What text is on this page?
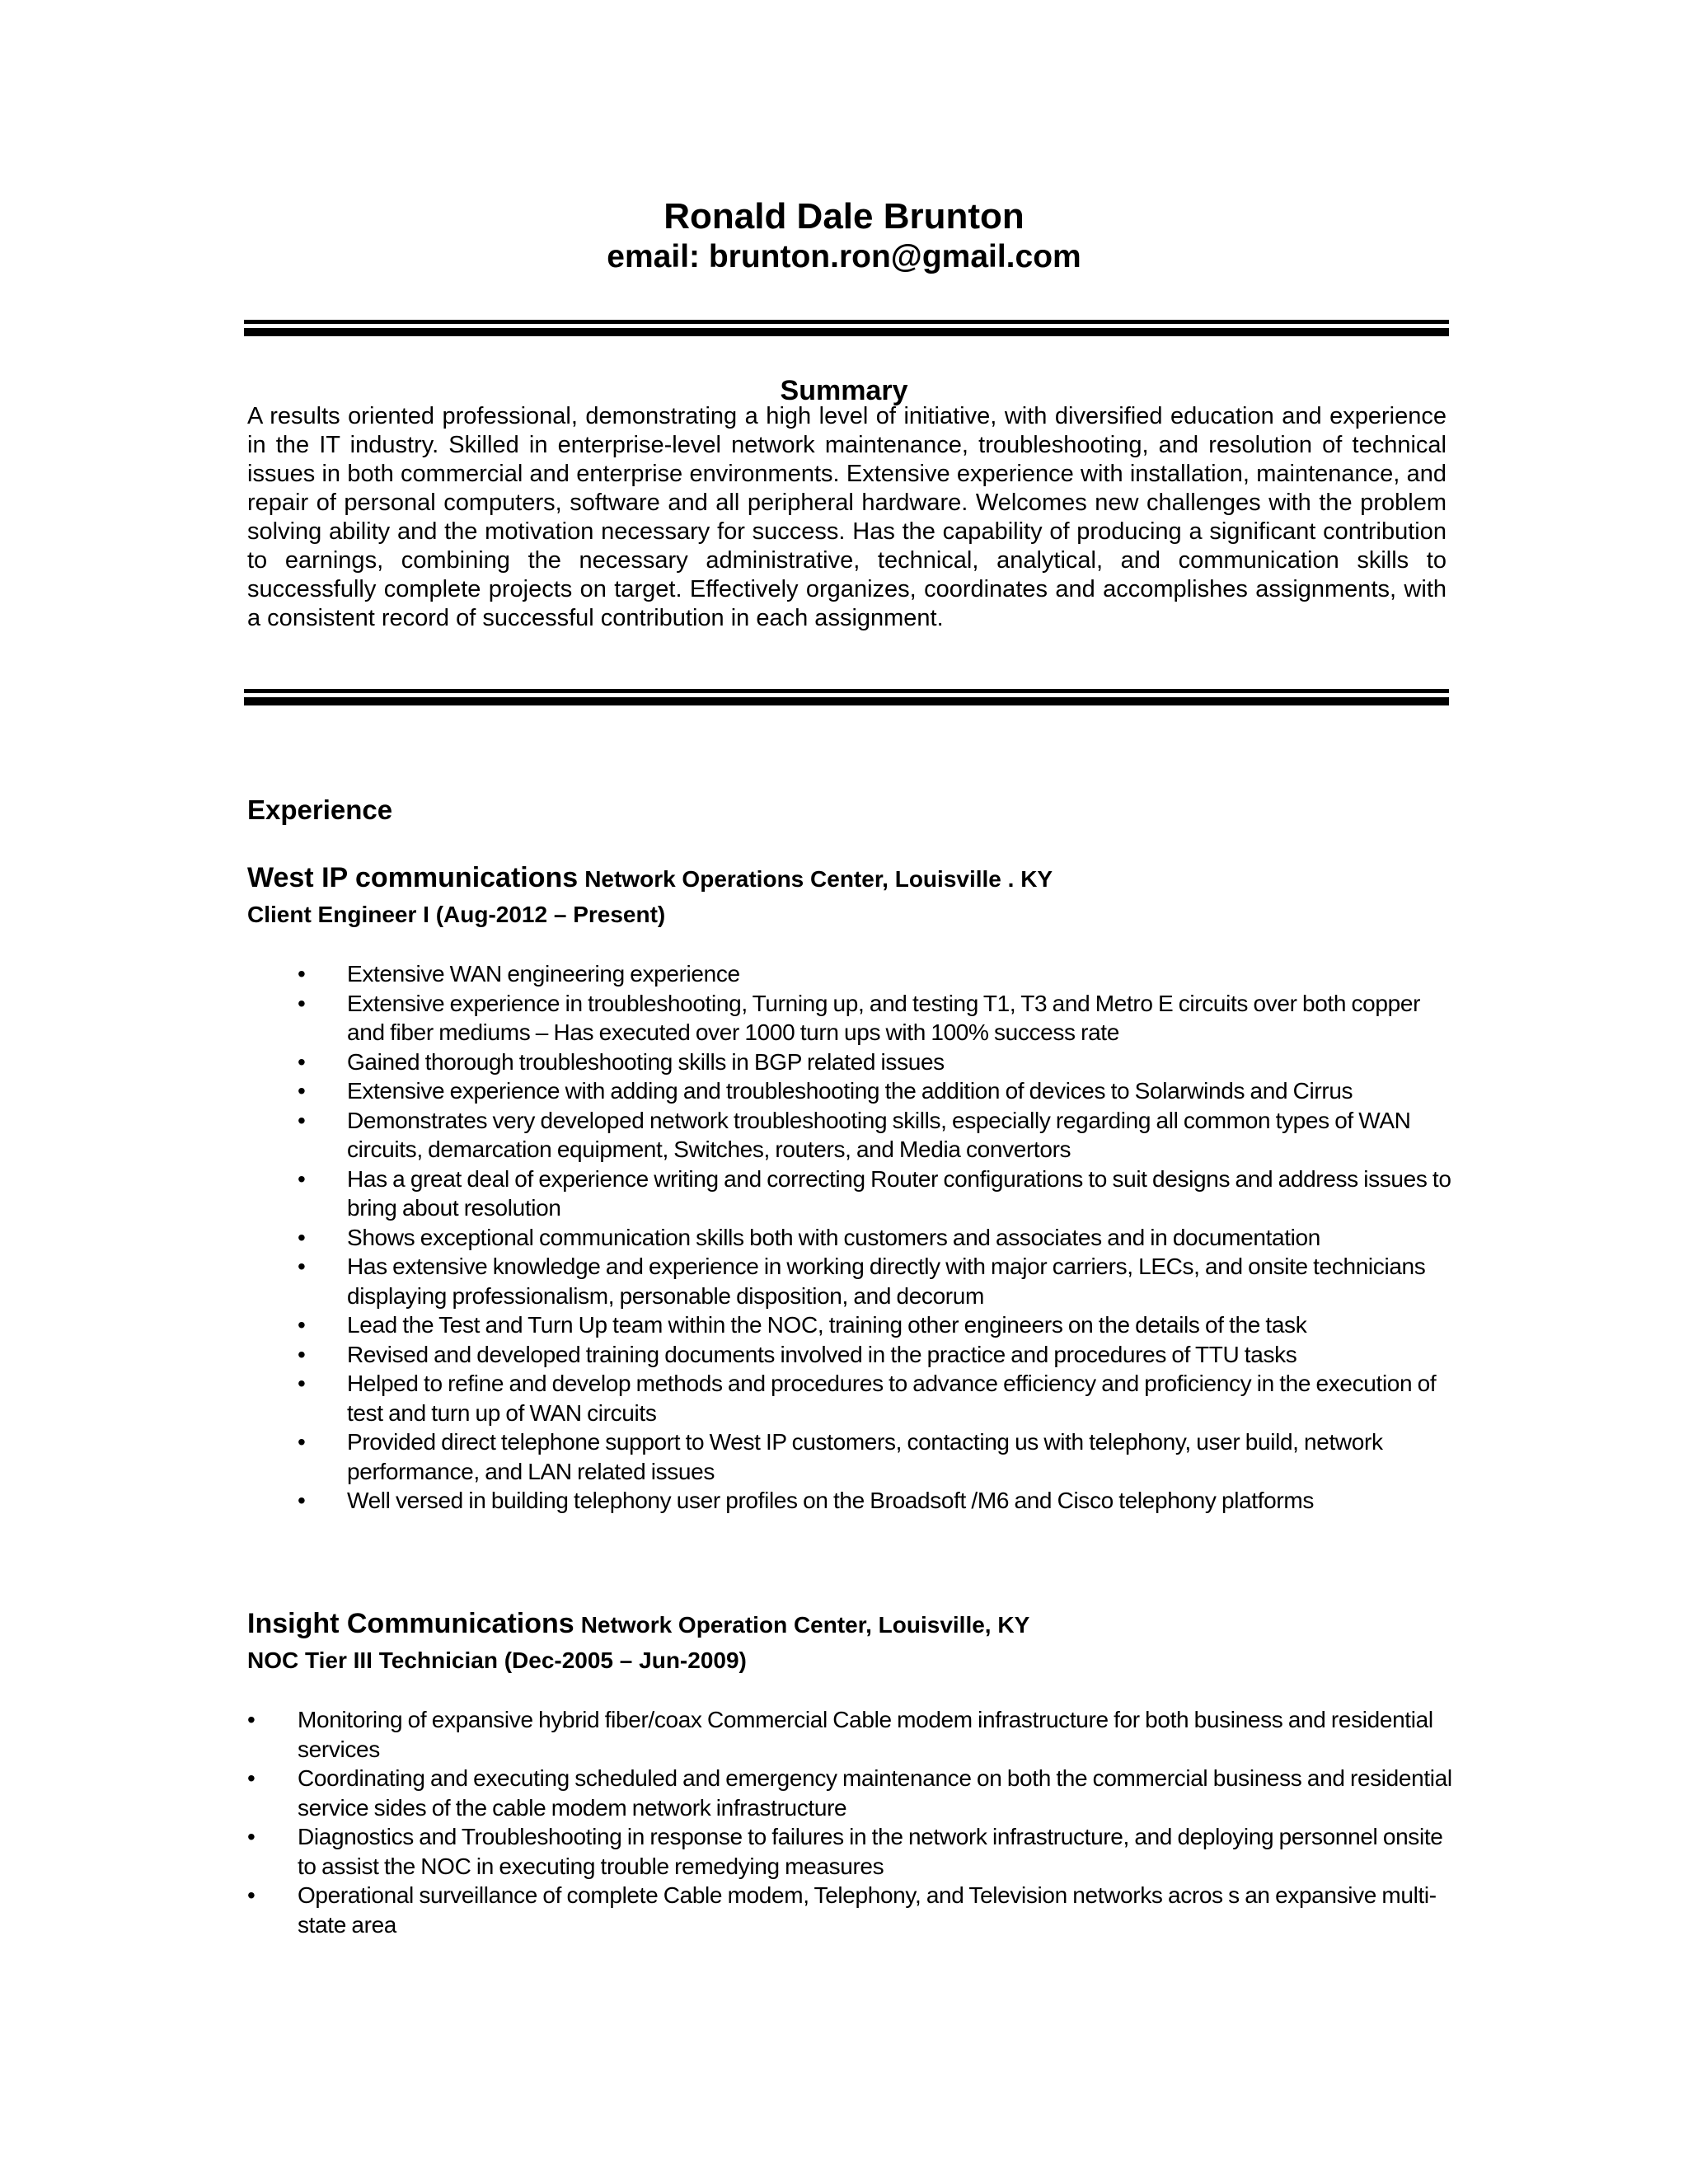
Ronald Dale Brunton
email: brunton.ron@gmail.com
Summary

A results oriented professional, demonstrating a high level of initiative, with diversified education and experience in the IT industry. Skilled in enterprise-level network maintenance, troubleshooting, and resolution of technical issues in both commercial and enterprise environments. Extensive experience with installation, maintenance, and repair of personal computers, software and all peripheral hardware. Welcomes new challenges with the problem solving ability and the motivation necessary for success. Has the capability of producing a significant contribution to earnings, combining the necessary administrative, technical, analytical, and communication skills to successfully complete projects on target. Effectively organizes, coordinates and accomplishes assignments, with a consistent record of successful contribution in each assignment.

Experience
West IP communications Network Operations Center, Louisville . KY
Client Engineer I (Aug-2012 – Present)
• Extensive WAN engineering experience
• Extensive experience in troubleshooting, Turning up, and testing T1, T3 and Metro E circuits over both copper and fiber mediums – Has executed over 1000 turn ups with 100% success rate
• Gained thorough troubleshooting skills in BGP related issues
• Extensive experience with adding and troubleshooting the addition of devices to Solarwinds and Cirrus
• Demonstrates very developed network troubleshooting skills, especially regarding all common types of WAN circuits, demarcation equipment, Switches, routers, and Media convertors
• Has a great deal of experience writing and correcting Router configurations to suit designs and address issues to bring about resolution
• Shows exceptional communication skills both with customers and associates and in documentation
• Has extensive knowledge and experience in working directly with major carriers, LECs, and onsite technicians displaying professionalism, personable disposition, and decorum
• Lead the Test and Turn Up team within the NOC, training other engineers on the details of the task
• Revised and developed training documents involved in the practice and procedures of TTU tasks
• Helped to refine and develop methods and procedures to advance efficiency and proficiency in the execution of test and turn up of WAN circuits
• Provided direct telephone support to West IP customers, contacting us with telephony, user build, network performance, and LAN related issues
• Well versed in building telephony user profiles on the Broadsoft /M6 and Cisco telephony platforms
Insight Communications Network Operation Center, Louisville, KY
NOC Tier III Technician (Dec-2005 – Jun-2009)
• Monitoring of expansive hybrid fiber/coax Commercial Cable modem infrastructure for both business and residential services
• Coordinating and executing scheduled and emergency maintenance on both the commercial business and residential service sides of the cable modem network infrastructure
• Diagnostics and Troubleshooting in response to failures in the network infrastructure, and deploying personnel onsite to assist the NOC in executing trouble remedying measures
• Operational surveillance of complete Cable modem, Telephony, and Television networks acros s an expansive multi-state area
